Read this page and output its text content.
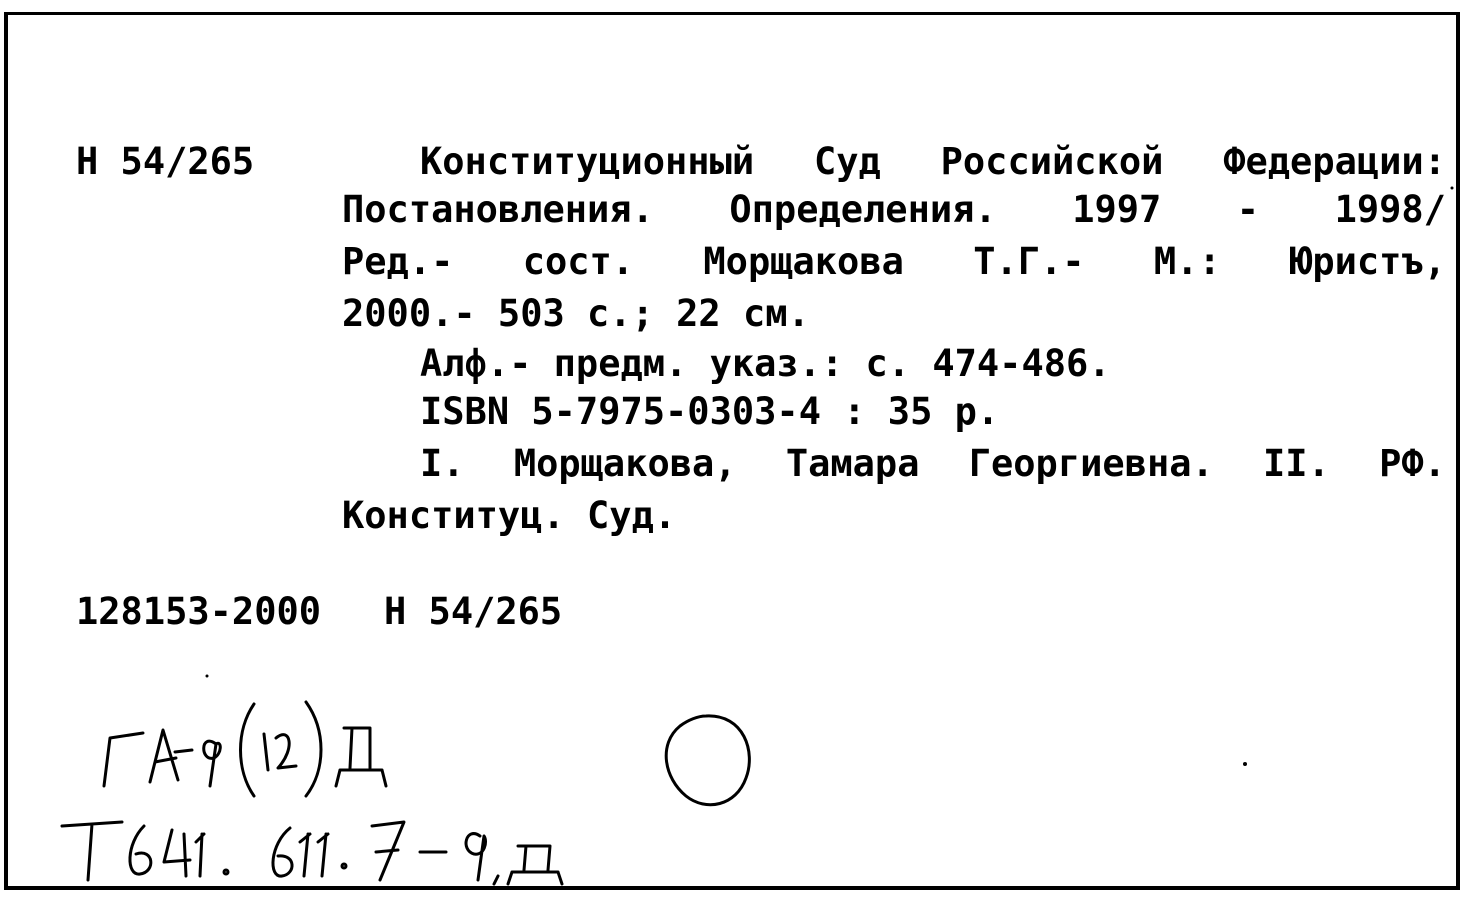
Н 54/265	Конституционный Суд Российской Федерации:
Постановления. Определения. 1997 - 1998/
Ред.- сост. Морщакова Т.Г.- М.: Юристъ,
2000.- 503 с.; 22 см.
Алф.- предм. указ.: с. 474-486.
ISBN 5-7975-0303-4 : 35 р.
I. Морщакова, Тамара Георгиевна. II. РФ.
Конституц. Суд.
128153-2000 Н 54/265
